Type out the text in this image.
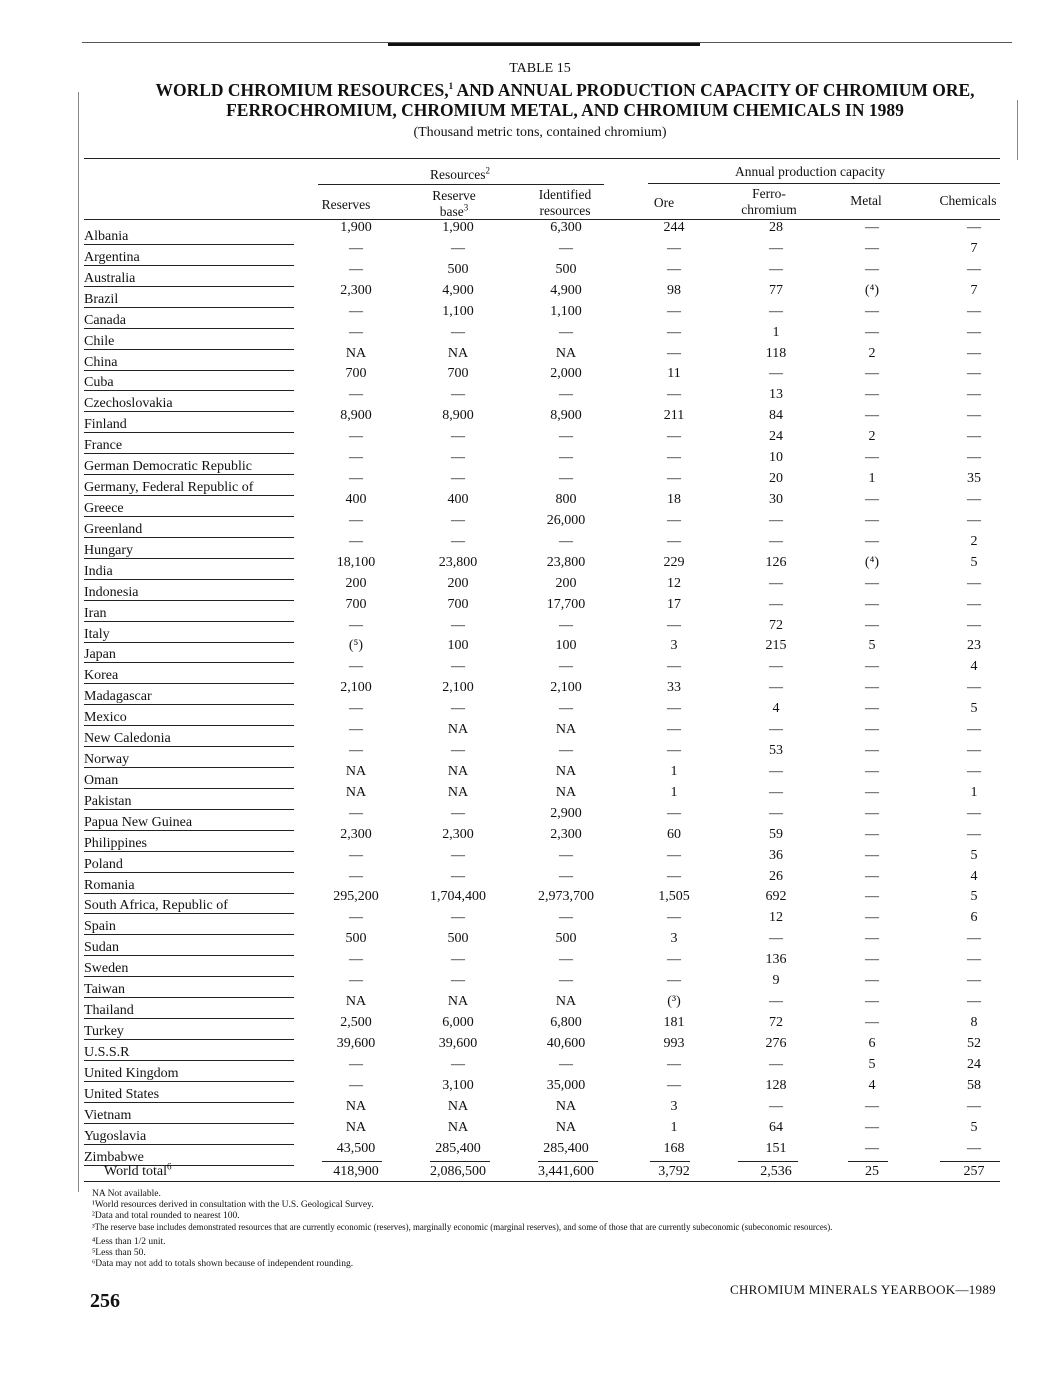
TABLE 15
WORLD CHROMIUM RESOURCES,$^1$ AND ANNUAL PRODUCTION CAPACITY OF CHROMIUM ORE,
FERROCHROMIUM, CHROMIUM METAL, AND CHROMIUM CHEMICALS IN 1989
(Thousand metric tons, contained chromium)
Resources$^2$	Annual production capacity
Reserves
Reserve
base$^3$
Identified
resources
Ore
Ferro-
chromium
Metal	Chemicals
Albania
1,900	1,900	6,300	244	28	—	—
Argentina
—	—	—	—	—	—	7
Australia
—	500	500	—	—	—	—
Brazil
2,300	4,900	4,900	98	77	(⁴)	7
Canada
—	1,100	1,100	—	—	—	—
Chile
—	—	—	—	1	—	—
China
NA	NA	NA	—	118	2	—
Cuba
700	700	2,000	11	—	—	—
Czechoslovakia
—	—	—	—	13	—	—
Finland
8,900	8,900	8,900	211	84	—	—
France
—	—	—	—	24	2	—
German Democratic Republic
—	—	—	—	10	—	—
Germany, Federal Republic of
—	—	—	—	20	1	35
Greece
400	400	800	18	30	—	—
Greenland
—	—	26,000	—	—	—	—
Hungary
—	—	—	—	—	—	2
India
18,100	23,800	23,800	229	126	(⁴)	5
Indonesia
200	200	200	12	—	—	—
Iran
700	700	17,700	17	—	—	—
Italy
—	—	—	—	72	—	—
Japan
(⁵)	100	100	3	215	5	23
Korea
—	—	—	—	—	—	4
Madagascar
2,100	2,100	2,100	33	—	—	—
Mexico
—	—	—	—	4	—	5
New Caledonia
—	NA	NA	—	—	—	—
Norway
—	—	—	—	53	—	—
Oman
NA	NA	NA	1	—	—	—
Pakistan
NA	NA	NA	1	—	—	1
Papua New Guinea
—	—	2,900	—	—	—	—
Philippines
2,300	2,300	2,300	60	59	—	—
Poland
—	—	—	—	36	—	5
Romania
—	—	—	—	26	—	4
South Africa, Republic of
295,200	1,704,400	2,973,700	1,505	692	—	5
Spain
—	—	—	—	12	—	6
Sudan
500	500	500	3	—	—	—
Sweden
—	—	—	—	136	—	—
Taiwan
—	—	—	—	9	—	—
Thailand
NA	NA	NA	(³)	—	—	—
Turkey
2,500	6,000	6,800	181	72	—	8
U.S.S.R
39,600	39,600	40,600	993	276	6	52
United Kingdom
—	—	—	—	—	5	24
United States
—	3,100	35,000	—	128	4	58
Vietnam
NA	NA	NA	3	—	—	—
Yugoslavia
NA	NA	NA	1	64	—	5
Zimbabwe
43,500	285,400	285,400	168	151	—	—
World total$^6$	418,900	2,086,500	3,441,600	3,792	2,536	25	257
NA Not available.
¹World resources derived in consultation with the U.S. Geological Survey.
²Data and total rounded to nearest 100.
³The reserve base includes demonstrated resources that are currently economic (reserves), marginally economic (marginal reserves), and some of those that are currently subeconomic (subeconomic resources).
⁴Less than 1/2 unit.
⁵Less than 50.
⁶Data may not add to totals shown because of independent rounding.
256
CHROMIUM MINERALS YEARBOOK—1989
